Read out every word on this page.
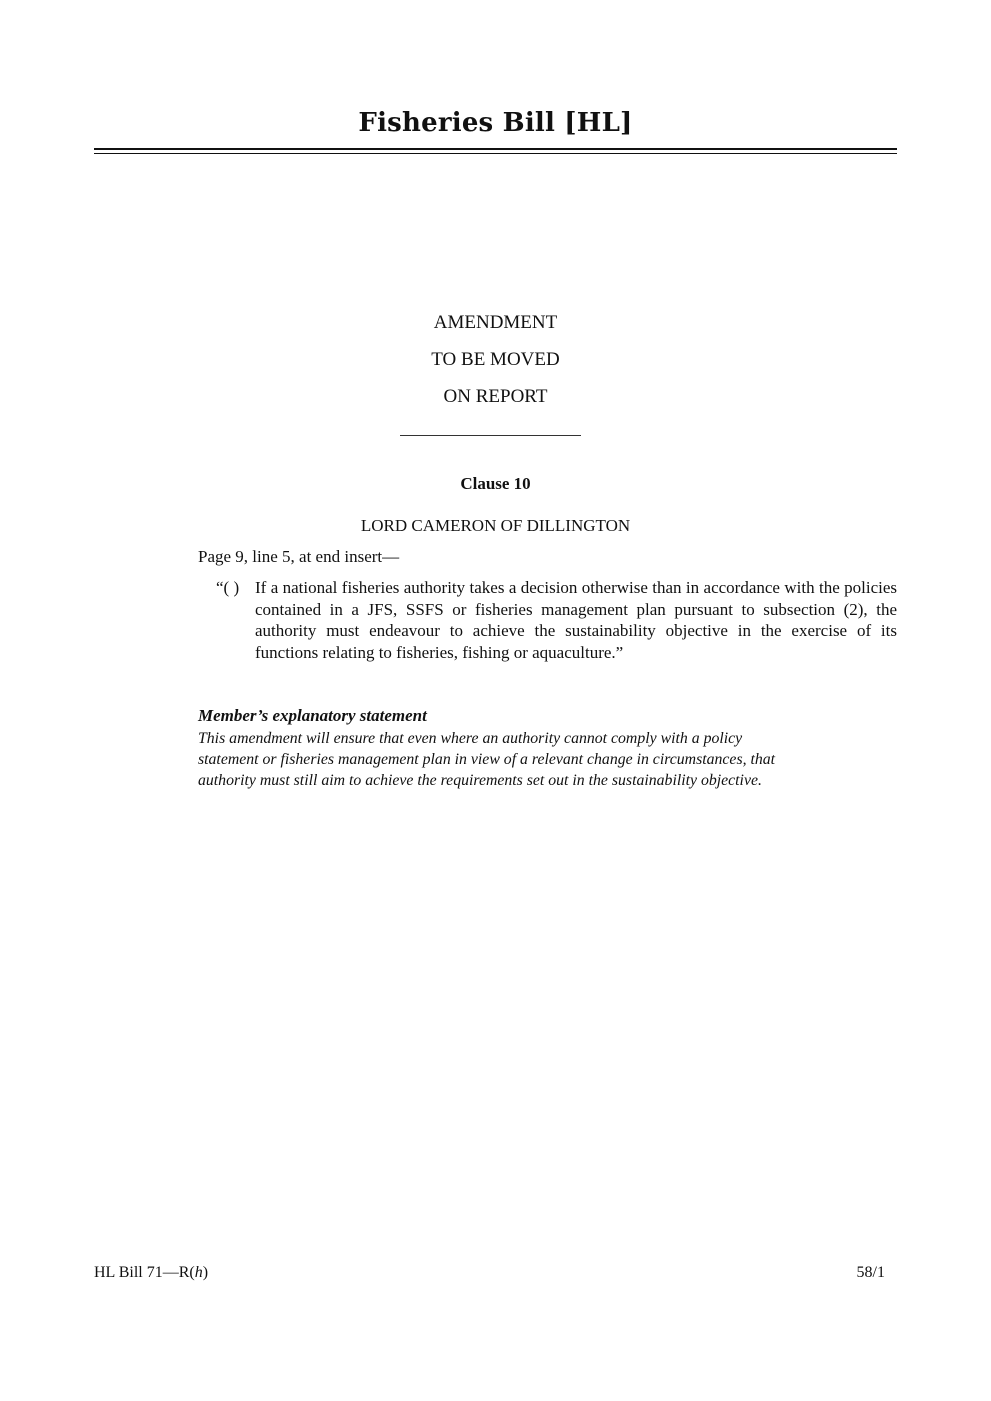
Fisheries Bill [HL]
AMENDMENT
TO BE MOVED
ON REPORT
Clause 10
LORD CAMERON OF DILLINGTON
Page 9, line 5, at end insert—
“( ) If a national fisheries authority takes a decision otherwise than in accordance with the policies contained in a JFS, SSFS or fisheries management plan pursuant to subsection (2), the authority must endeavour to achieve the sustainability objective in the exercise of its functions relating to fisheries, fishing or aquaculture.”
Member’s explanatory statement
This amendment will ensure that even where an authority cannot comply with a policy
statement or fisheries management plan in view of a relevant change in circumstances, that
authority must still aim to achieve the requirements set out in the sustainability objective.
HL Bill 71—R(h)	58/1
